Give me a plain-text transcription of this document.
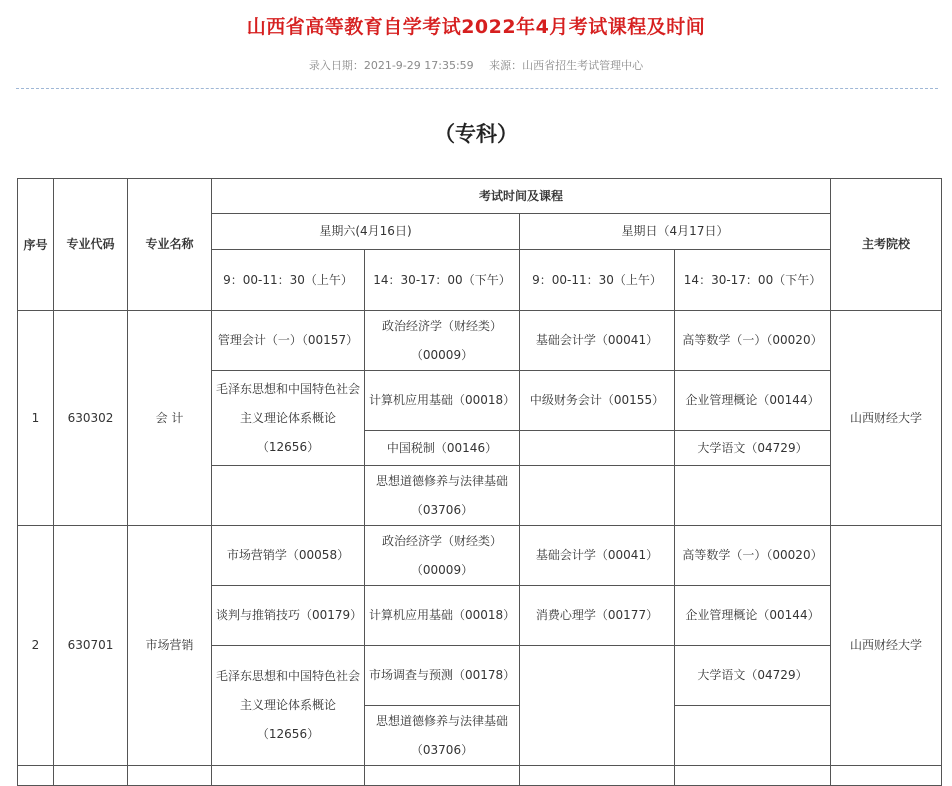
山西省高等教育自学考试2022年4月考试课程及时间
录入日期：2021-9-29 17:35:59 来源：山西省招生考试管理中心
（专科）
序号	专业代码	专业名称	考试时间及课程				主考院校
			星期六(4月16日)		星期日（4月17日）		
			9：00-11：30（上午）	14：30-17：00（下午）	9：00-11：30（上午）	14：30-17：00（下午）	
1	630302	会 计	管理会计（一）（00157）	政治经济学（财经类）（00009）	基础会计学（00041）	高等数学（一）（00020）	山西财经大学
			毛泽东思想和中国特色社会主义理论体系概论（12656）	计算机应用基础（00018）	中级财务会计（00155）	企业管理概论（00144）	
				中国税制（00146）		大学语文（04729）	
				思想道德修养与法律基础（03706）			
2	630701	市场营销	市场营销学（00058）	政治经济学（财经类）（00009）	基础会计学（00041）	高等数学（一）（00020）	山西财经大学
			谈判与推销技巧（00179）	计算机应用基础（00018）	消费心理学（00177）	企业管理概论（00144）	
			毛泽东思想和中国特色社会主义理论体系概论（12656）	市场调查与预测（00178）		大学语文（04729）	
				思想道德修养与法律基础（03706）			
